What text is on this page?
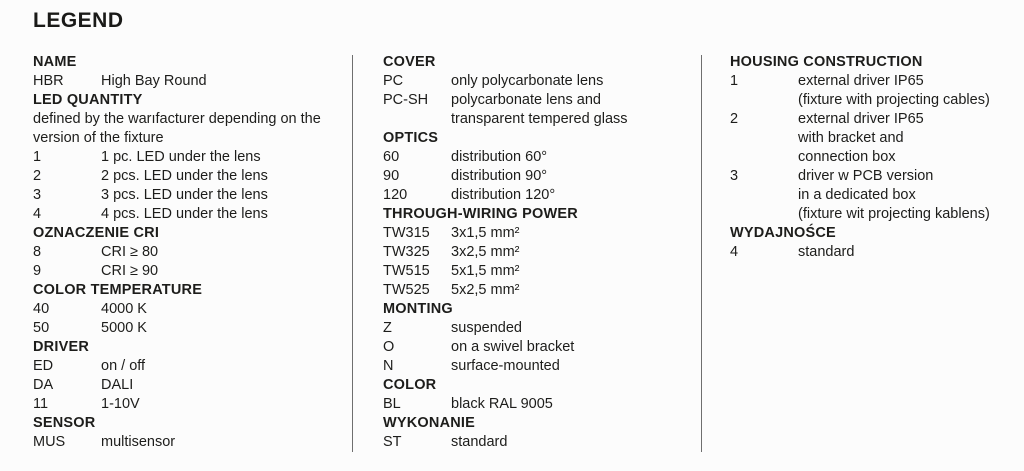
LEGEND
NAME
HBR	High Bay Round
LED QUANTITY
defined by the warıfacturer depending on the
version of the fixture
1	1 pc. LED under the lens
2	2 pcs. LED under the lens
3	3 pcs. LED under the lens
4	4 pcs. LED under the lens
OZNACZENIE CRI
8	CRI ≥ 80
9	CRI ≥ 90
COLOR TEMPERATURE
40	4000 K
50	5000 K
DRIVER
ED	on / off
DA	DALI
11	1-10V
SENSOR
MUS multisensor
COVER
PC	only polycarbonate lens
PC-SH polycarbonate lens and
transparent tempered glass
OPTICS
60	distribution 60°
90	distribution 90°
120	distribution 120°
THROUGH-WIRING POWER
TW315 3x1,5 mm²
TW325 3x2,5 mm²
TW515 5x1,5 mm²
TW525 5x2,5 mm²
MONTING
Z	suspended
O	on a swivel bracket
N	surface-mounted
COLOR
BL	black RAL 9005
WYKONANIE
ST	standard
HOUSING CONSTRUCTION
1	external driver IP65
(fixture with projecting cables)
2	external driver IP65
with bracket and
connection box
3	driver w PCB version
in a dedicated box
(fixture wit projecting kablens)
WYDAJNOŚCE
4	standard
